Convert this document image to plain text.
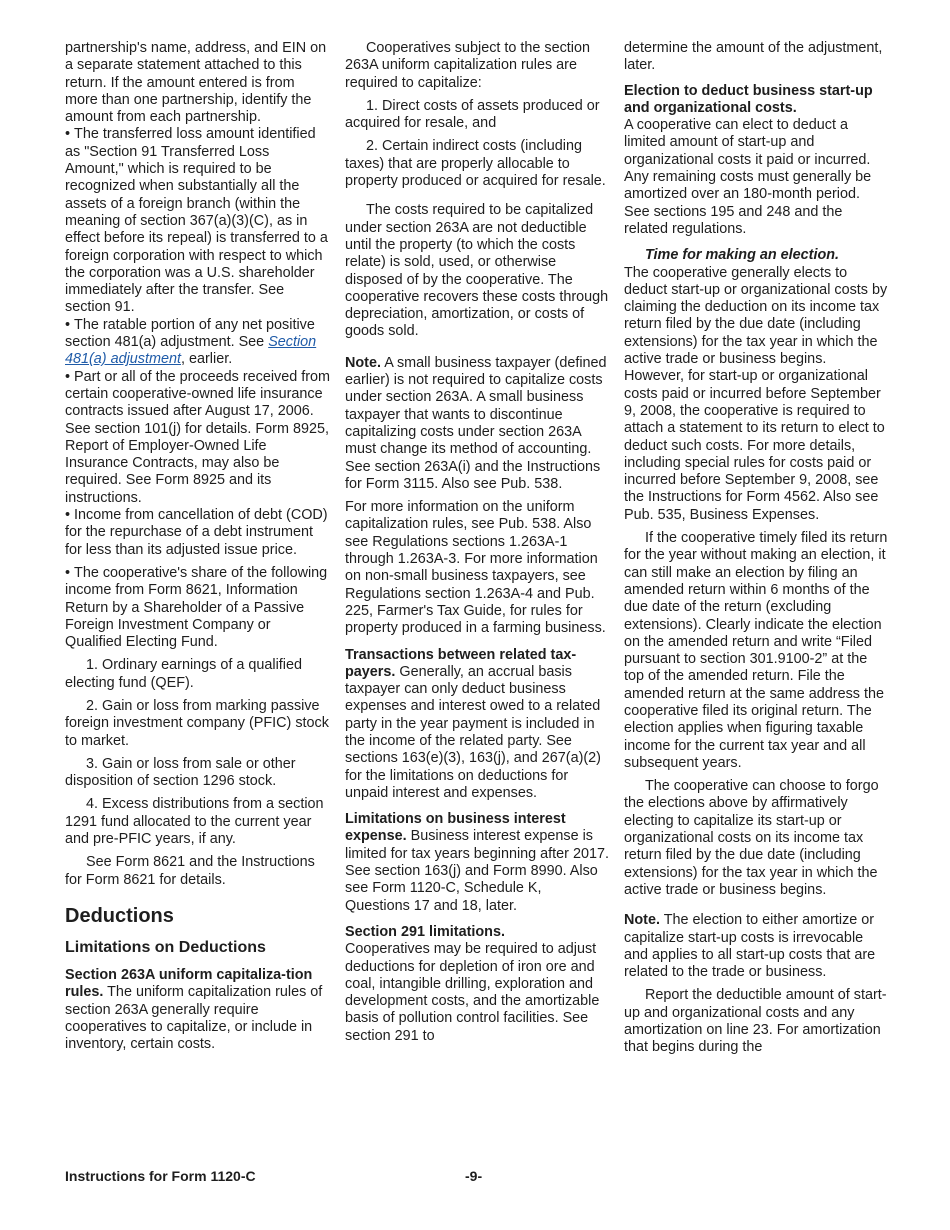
partnership's name, address, and EIN on a separate statement attached to this return. If the amount entered is from more than one partnership, identify the amount from each partnership.

• The transferred loss amount identified as "Section 91 Transferred Loss Amount," which is required to be recognized when substantially all the assets of a foreign branch (within the meaning of section 367(a)(3)(C), as in effect before its repeal) is transferred to a foreign corporation with respect to which the corporation was a U.S. shareholder immediately after the transfer. See section 91.

• The ratable portion of any net positive section 481(a) adjustment. See Section 481(a) adjustment, earlier.

• Part or all of the proceeds received from certain cooperative-owned life insurance contracts issued after August 17, 2006. See section 101(j) for details. Form 8925, Report of Employer-Owned Life Insurance Contracts, may also be required. See Form 8925 and its instructions.

• Income from cancellation of debt (COD) for the repurchase of a debt instrument for less than its adjusted issue price.

• The cooperative's share of the following income from Form 8621, Information Return by a Shareholder of a Passive Foreign Investment Company or Qualified Electing Fund.

1. Ordinary earnings of a qualified electing fund (QEF).

2. Gain or loss from marking passive foreign investment company (PFIC) stock to market.

3. Gain or loss from sale or other disposition of section 1296 stock.

4. Excess distributions from a section 1291 fund allocated to the current year and pre-PFIC years, if any.

See Form 8621 and the Instructions for Form 8621 for details.

Deductions
Limitations on Deductions

Section 263A uniform capitaliza-tion rules. The uniform capitalization rules of section 263A generally require cooperatives to capitalize, or include in inventory, certain costs.

Cooperatives subject to the section 263A uniform capitalization rules are required to capitalize:

1. Direct costs of assets produced or acquired for resale, and

2. Certain indirect costs (including taxes) that are properly allocable to property produced or acquired for resale.

The costs required to be capitalized under section 263A are not deductible until the property (to which the costs relate) is sold, used, or otherwise disposed of by the cooperative. The cooperative recovers these costs through depreciation, amortization, or costs of goods sold.

Note. A small business taxpayer (defined earlier) is not required to capitalize costs under section 263A. A small business taxpayer that wants to discontinue capitalizing costs under section 263A must change its method of accounting. See section 263A(i) and the Instructions for Form 3115. Also see Pub. 538.

For more information on the uniform capitalization rules, see Pub. 538. Also see Regulations sections 1.263A-1 through 1.263A-3. For more information on non-small business taxpayers, see Regulations section 1.263A-4 and Pub. 225, Farmer's Tax Guide, for rules for property produced in a farming business.

Transactions between related tax-payers. Generally, an accrual basis taxpayer can only deduct business expenses and interest owed to a related party in the year payment is included in the income of the related party. See sections 163(e)(3), 163(j), and 267(a)(2) for the limitations on deductions for unpaid interest and expenses.

Limitations on business interest expense. Business interest expense is limited for tax years beginning after 2017. See section 163(j) and Form 8990. Also see Form 1120-C, Schedule K, Questions 17 and 18, later.

Section 291 limitations.

Cooperatives may be required to adjust deductions for depletion of iron ore and coal, intangible drilling, exploration and development costs, and the amortizable basis of pollution control facilities. See section 291 to

determine the amount of the adjustment, later.

Election to deduct business start-up and organizational costs.

A cooperative can elect to deduct a limited amount of start-up and organizational costs it paid or incurred. Any remaining costs must generally be amortized over an 180-month period. See sections 195 and 248 and the related regulations.

Time for making an election.

The cooperative generally elects to deduct start-up or organizational costs by claiming the deduction on its income tax return filed by the due date (including extensions) for the tax year in which the active trade or business begins. However, for start-up or organizational costs paid or incurred before September 9, 2008, the cooperative is required to attach a statement to its return to elect to deduct such costs. For more details, including special rules for costs paid or incurred before September 9, 2008, see the Instructions for Form 4562. Also see Pub. 535, Business Expenses.

If the cooperative timely filed its return for the year without making an election, it can still make an election by filing an amended return within 6 months of the due date of the return (excluding extensions). Clearly indicate the election on the amended return and write “Filed pursuant to section 301.9100-2” at the top of the amended return. File the amended return at the same address the cooperative filed its original return. The election applies when figuring taxable income for the current tax year and all subsequent years.

The cooperative can choose to forgo the elections above by affirmatively electing to capitalize its start-up or organizational costs on its income tax return filed by the due date (including extensions) for the tax year in which the active trade or business begins.

Note. The election to either amortize or capitalize start-up costs is irrevocable and applies to all start-up costs that are related to the trade or business.

Report the deductible amount of start-up and organizational costs and any amortization on line 23. For amortization that begins during the

Instructions for Form 1120-C	-9-
